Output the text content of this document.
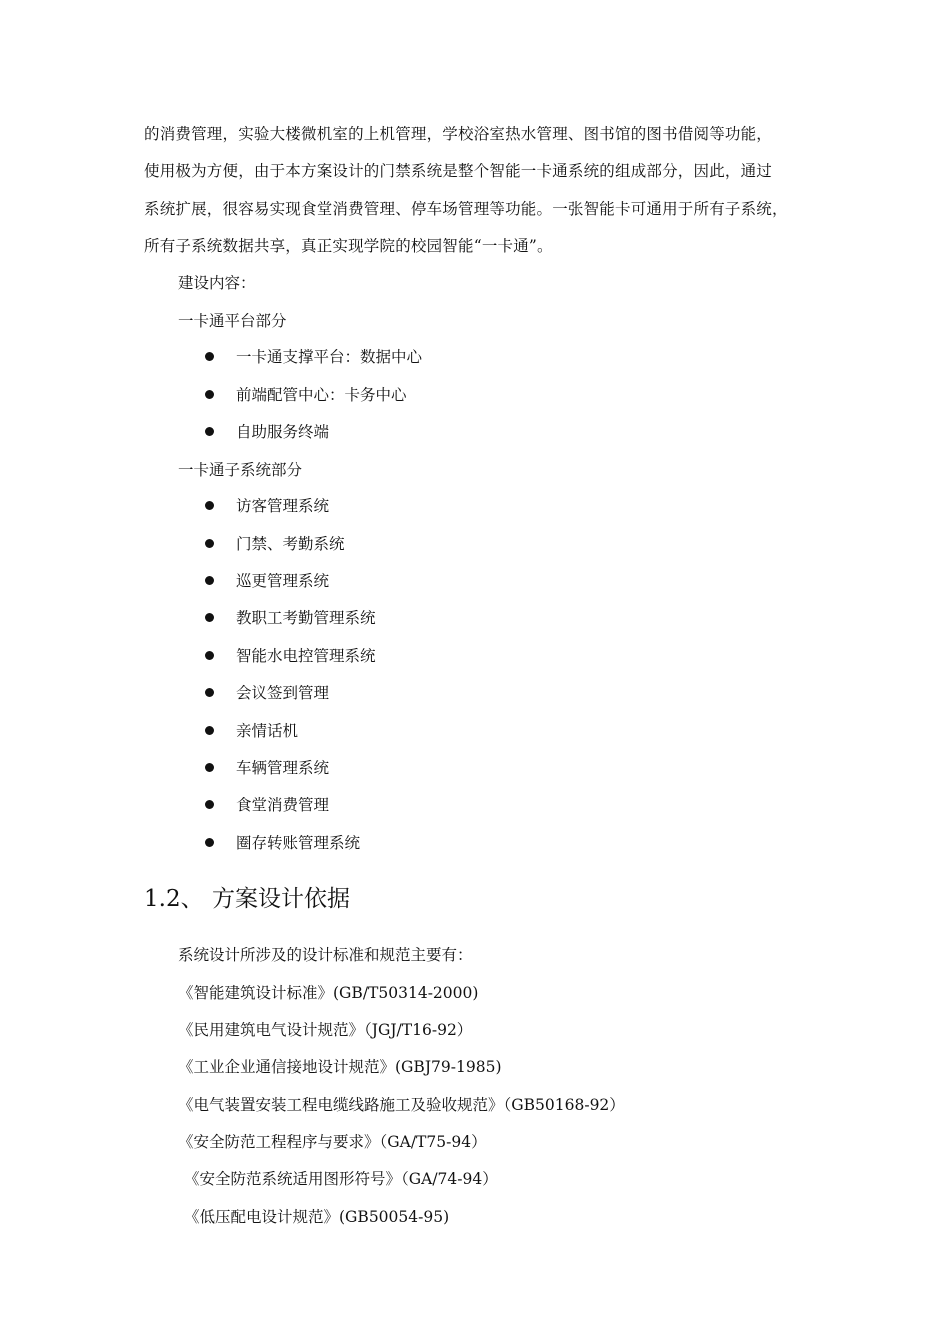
的消费管理，实验大楼微机室的上机管理，学校浴室热水管理、图书馆的图书借阅等功能，
使用极为方便，由于本方案设计的门禁系统是整个智能一卡通系统的组成部分，因此，通过
系统扩展，很容易实现食堂消费管理、停车场管理等功能。一张智能卡可通用于所有子系统，
所有子系统数据共享，真正实现学院的校园智能“一卡通”。
建设内容：
一卡通平台部分
一卡通支撑平台：数据中心
前端配管中心：卡务中心
自助服务终端
一卡通子系统部分
访客管理系统
门禁、考勤系统
巡更管理系统
教职工考勤管理系统
智能水电控管理系统
会议签到管理
亲情话机
车辆管理系统
食堂消费管理
圈存转账管理系统
1.2、 方案设计依据
系统设计所涉及的设计标准和规范主要有：
《智能建筑设计标准》(GB/T50314-2000)
《民用建筑电气设计规范》（JGJ/T16-92）
《工业企业通信接地设计规范》(GBJ79-1985)
《电气装置安装工程电缆线路施工及验收规范》（GB50168-92）
《安全防范工程程序与要求》（GA/T75-94）
《安全防范系统适用图形符号》（GA/74-94）
《低压配电设计规范》(GB50054-95)
